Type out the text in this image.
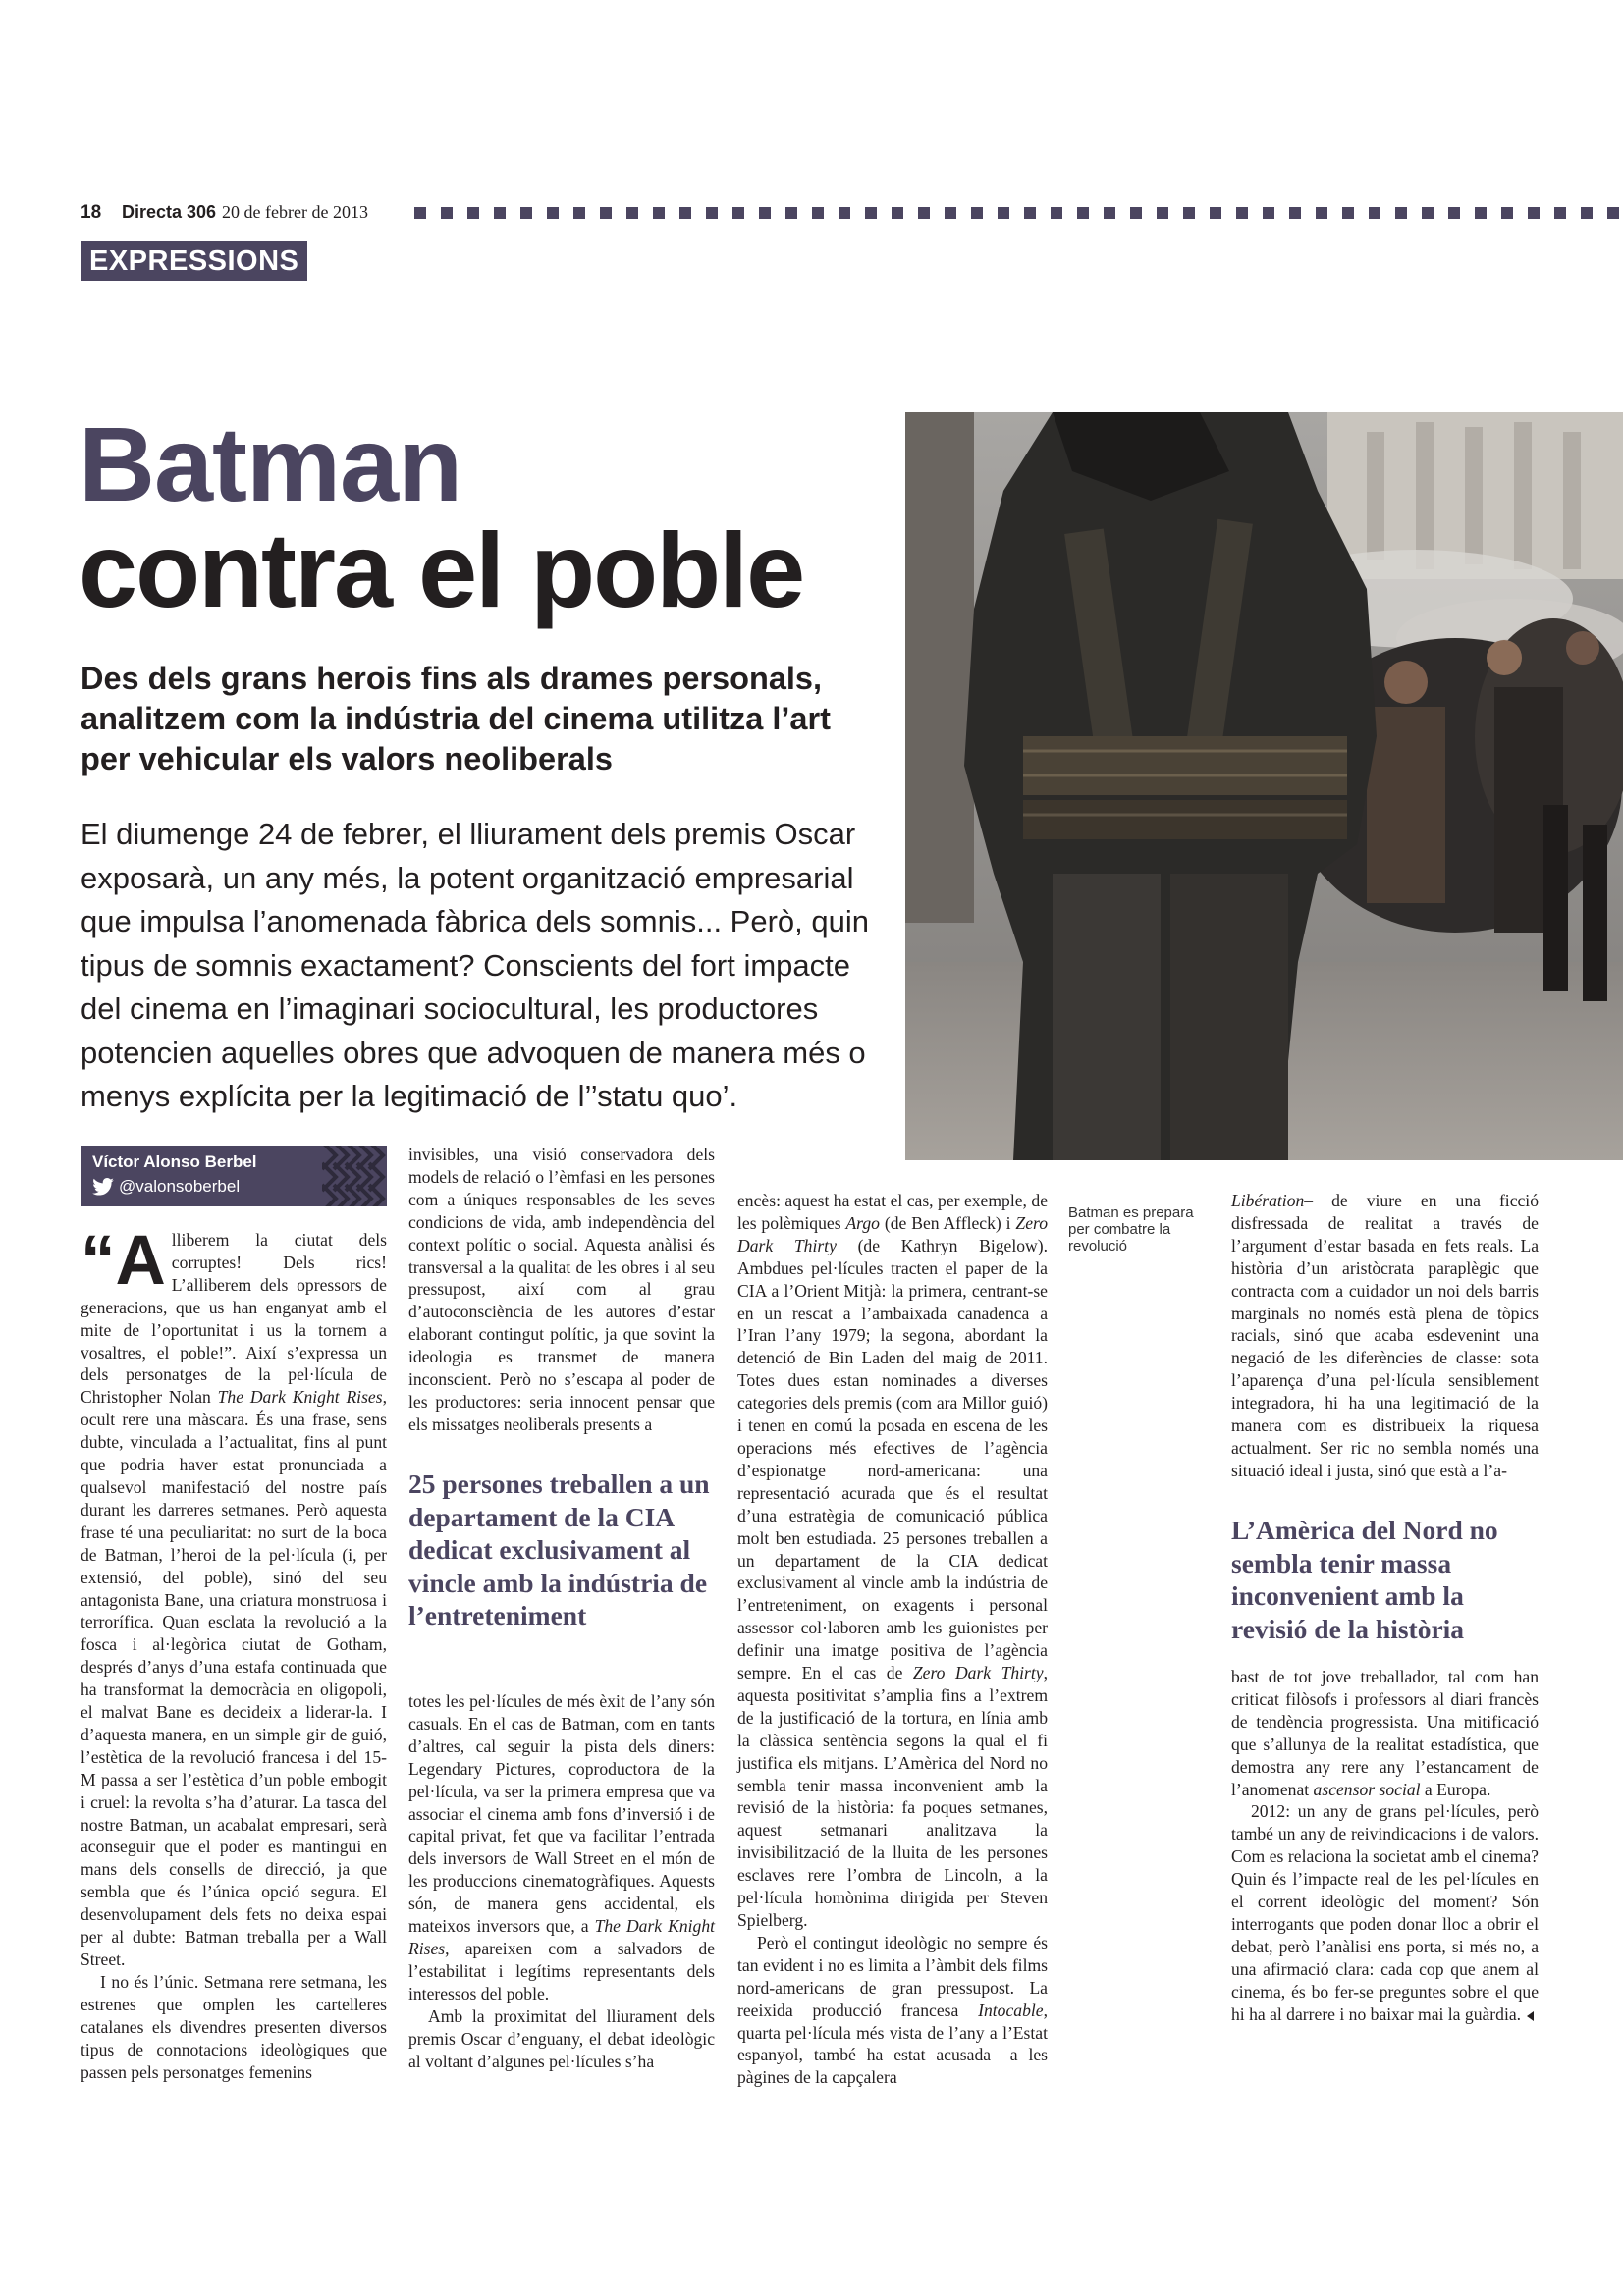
18 Directa 306 20 de febrer de 2013
EXPRESSIONS
Batman
contra el poble
Des dels grans herois fins als drames personals, analitzem com la indústria del cinema utilitza l’art per vehicular els valors neoliberals
El diumenge 24 de febrer, el lliurament dels premis Oscar exposarà, un any més, la potent organització empresarial que impulsa l’anomenada fàbrica dels somnis... Però, quin tipus de somnis exactament? Conscients del fort impacte del cinema en l’imaginari sociocultural, les productores potencien aquelles obres que advoquen de manera més o menys explícita per la legitimació de l’’statu quo’.
Batman es prepara per combatre la revolució
Víctor Alonso Berbel
@valonsoberbel

“A lliberem la ciutat dels corruptes! Dels rics! L’alliberem dels opressors de generacions, que us han enganyat amb el mite de l’oportunitat i us la tornem a vosaltres, el poble!”. Així s’expressa un dels personatges de la pel·lícula de Christopher Nolan The Dark Knight Rises, ocult rere una màscara. És una frase, sens dubte, vinculada a l’actualitat, fins al punt que podria haver estat pronunciada a qualsevol manifestació del nostre país durant les darreres setmanes. Però aquesta frase té una peculiaritat: no surt de la boca de Batman, l’heroi de la pel·lícula (i, per extensió, del poble), sinó del seu antagonista Bane, una criatura monstruosa i terrorífica. Quan esclata la revolució a la fosca i al·legòrica ciutat de Gotham, després d’anys d’una estafa continuada que ha transformat la democràcia en oligopoli, el malvat Bane es decideix a liderar-la. I d’aquesta manera, en un simple gir de guió, l’estètica de la revolució francesa i del 15-M passa a ser l’estètica d’un poble embogit i cruel: la revolta s’ha d’aturar. La tasca del nostre Batman, un acabalat empresari, serà aconseguir que el poder es mantingui en mans dels consells de direcció, ja que sembla que és l’única opció segura. El desenvolupament dels fets no deixa espai per al dubte: Batman treballa per a Wall Street.

I no és l’únic. Setmana rere setmana, les estrenes que omplen les cartelleres catalanes els divendres presenten diversos tipus de connotacions ideològiques que passen pels personatges femenins

invisibles, una visió conservadora dels models de relació o l’èmfasi en les persones com a úniques responsables de les seves condicions de vida, amb independència del context polític o social. Aquesta anàlisi és transversal a la qualitat de les obres i al seu pressupost, així com al grau d’autoconsciència de les autores d’estar elaborant contingut polític, ja que sovint la ideologia es transmet de manera inconscient. Però no s’escapa al poder de les productores: seria innocent pensar que els missatges neoliberals presents a

25 persones treballen a un departament de la CIA dedicat exclusivament al vincle amb la indústria de l’entreteniment

totes les pel·lícules de més èxit de l’any són casuals. En el cas de Batman, com en tants d’altres, cal seguir la pista dels diners: Legendary Pictures, coproductora de la pel·lícula, va ser la primera empresa que va associar el cinema amb fons d’inversió i de capital privat, fet que va facilitar l’entrada dels inversors de Wall Street en el món de les produccions cinematogràfiques. Aquests són, de manera gens accidental, els mateixos inversors que, a The Dark Knight Rises, apareixen com a salvadors de l’estabilitat i legítims representants dels interessos del poble.

Amb la proximitat del lliurament dels premis Oscar d’enguany, el debat ideològic al voltant d’algunes pel·lícules s’ha

encès: aquest ha estat el cas, per exemple, de les polèmiques Argo (de Ben Affleck) i Zero Dark Thirty (de Kathryn Bigelow). Ambdues pel·lícules tracten el paper de la CIA a l’Orient Mitjà: la primera, centrant-se en un rescat a l’ambaixada canadenca a l’Iran l’any 1979; la segona, abordant la detenció de Bin Laden del maig de 2011. Totes dues estan nominades a diverses categories dels premis (com ara Millor guió) i tenen en comú la posada en escena de les operacions més efectives de l’agència d’espionatge nord-americana: una representació acurada que és el resultat d’una estratègia de comunicació pública molt ben estudiada. 25 persones treballen a un departament de la CIA dedicat exclusivament al vincle amb la indústria de l’entreteniment, on exagents i personal assessor col·laboren amb les guionistes per definir una imatge positiva de l’agència sempre. En el cas de Zero Dark Thirty, aquesta positivitat s’amplia fins a l’extrem de la justificació de la tortura, en línia amb la clàssica sentència segons la qual el fi justifica els mitjans. L’Amèrica del Nord no sembla tenir massa inconvenient amb la revisió de la història: fa poques setmanes, aquest setmanari analitzava la invisibilització de la lluita de les persones esclaves rere l’ombra de Lincoln, a la pel·lícula homònima dirigida per Steven Spielberg.

Però el contingut ideològic no sempre és tan evident i no es limita a l’àmbit dels films nord-americans de gran pressupost. La reeixida producció francesa Intocable, quarta pel·lícula més vista de l’any a l’Estat espanyol, també ha estat acusada –a les pàgines de la capçalera

Libération– de viure en una ficció disfressada de realitat a través de l’argument d’estar basada en fets reals. La història d’un aristòcrata paraplègic que contracta com a cuidador un noi dels barris marginals no només està plena de tòpics racials, sinó que acaba esdevenint una negació de les diferències de classe: sota l’aparença d’una pel·lícula sensiblement integradora, hi ha una legitimació de la manera com es distribueix la riquesa actualment. Ser ric no sembla només una situació ideal i justa, sinó que està a l’a-

L’Amèrica del Nord no sembla tenir massa inconvenient amb la revisió de la història

bast de tot jove treballador, tal com han criticat filòsofs i professors al diari francès de tendència progressista. Una mitificació que s’allunya de la realitat estadística, que demostra any rere any l’estancament de l’anomenat ascensor social a Europa.

2012: un any de grans pel·lícules, però també un any de reivindicacions i de valors. Com es relaciona la societat amb el cinema? Quin és l’impacte real de les pel·lícules en el corrent ideològic del moment? Són interrogants que poden donar lloc a obrir el debat, però l’anàlisi ens porta, si més no, a una afirmació clara: cada cop que anem al cinema, és bo fer-se preguntes sobre el que hi ha al darrere i no baixar mai la guàrdia.
